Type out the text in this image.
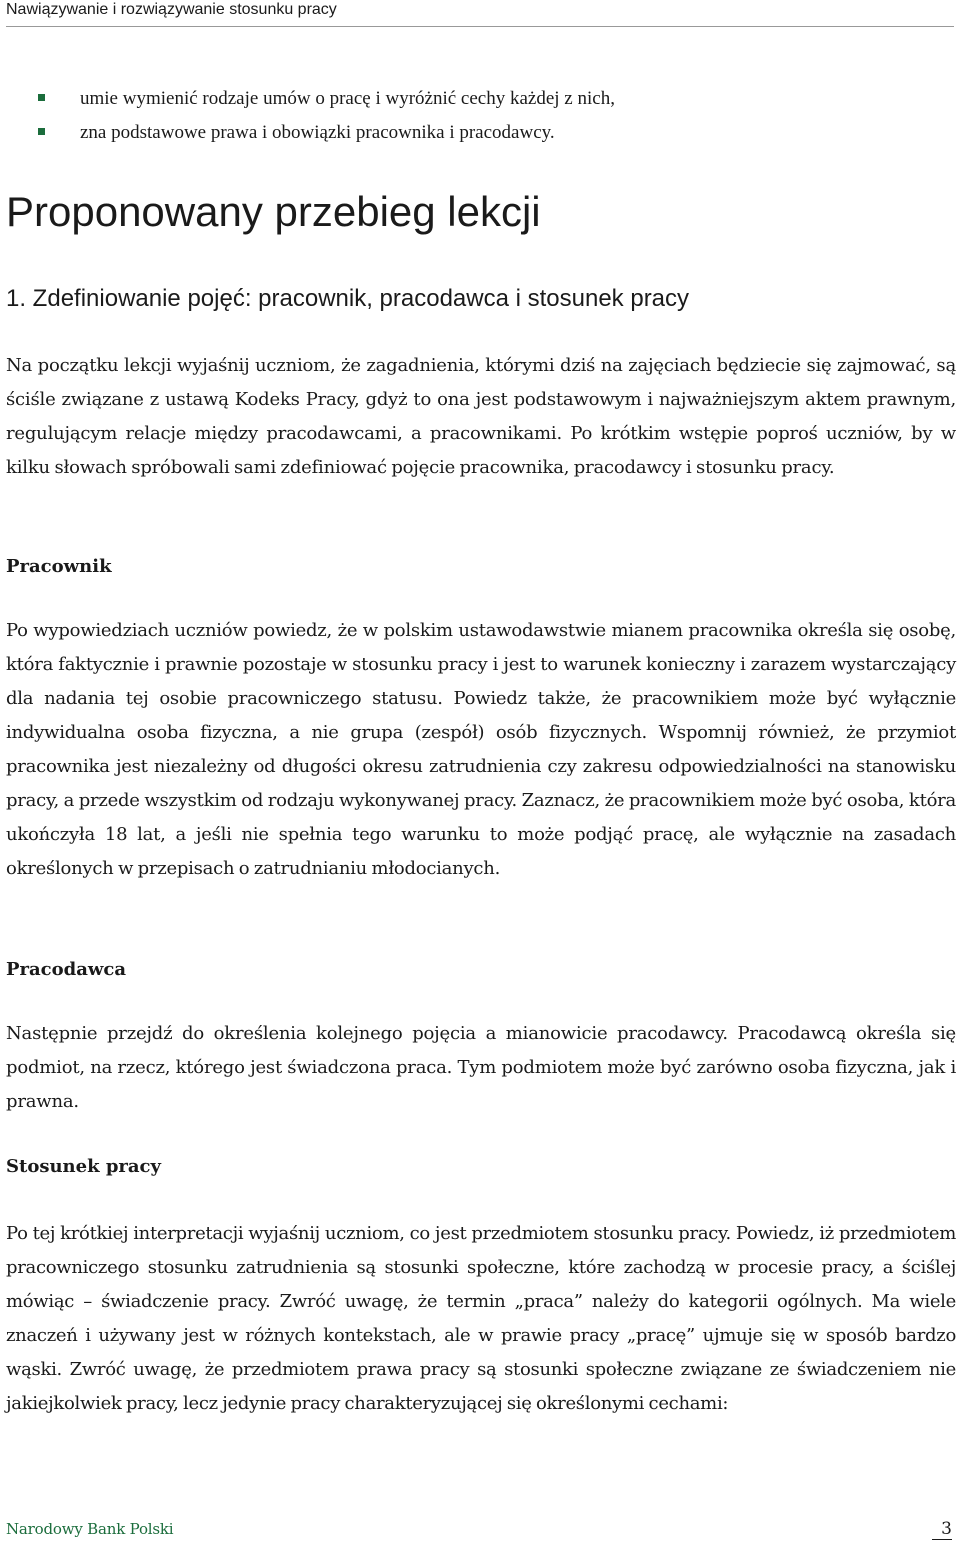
Nawiązywanie i rozwiązywanie stosunku pracy
umie wymienić rodzaje umów o pracę i wyróżnić cechy każdej z nich,
zna podstawowe prawa i obowiązki pracownika i pracodawcy.
Proponowany przebieg lekcji
1. Zdefiniowanie pojęć: pracownik, pracodawca i stosunek pracy

Na początku lekcji wyjaśnij uczniom, że zagadnienia, którymi dziś na zajęciach będziecie się zajmować, są ściśle związane z ustawą Kodeks Pracy, gdyż to ona jest podstawowym i najważniejszym aktem prawnym, regulującym relacje między pracodawcami, a pracownikami. Po krótkim wstępie poproś uczniów, by w kilku słowach spróbowali sami zdefiniować pojęcie pracownika, pracodawcy i stosunku pracy.

Pracownik

Po wypowiedziach uczniów powiedz, że w polskim ustawodawstwie mianem pracownika określa się osobę, która faktycznie i prawnie pozostaje w stosunku pracy i jest to warunek konieczny i zarazem wystarczający dla nadania tej osobie pracowniczego statusu. Powiedz także, że pracownikiem może być wyłącznie indywidualna osoba fizyczna, a nie grupa (zespół) osób fizycznych. Wspomnij również, że przymiot pracownika jest niezależny od długości okresu zatrudnienia czy zakresu odpowiedzialności na stanowisku pracy, a przede wszystkim od rodzaju wykonywanej pracy. Zaznacz, że pracownikiem może być osoba, która ukończyła 18 lat, a jeśli nie spełnia tego warunku to może podjąć pracę, ale wyłącznie na zasadach określonych w przepisach o zatrudnianiu młodocianych.

Pracodawca

Następnie przejdź do określenia kolejnego pojęcia a mianowicie pracodawcy. Pracodawcą określa się podmiot, na rzecz, którego jest świadczona praca. Tym podmiotem może być zarówno osoba fizyczna, jak i prawna.

Stosunek pracy

Po tej krótkiej interpretacji wyjaśnij uczniom, co jest przedmiotem stosunku pracy. Powiedz, iż przedmiotem pracowniczego stosunku zatrudnienia są stosunki społeczne, które zachodzą w procesie pracy, a ściślej mówiąc – świadczenie pracy. Zwróć uwagę, że termin „praca” należy do kategorii ogólnych. Ma wiele znaczeń i używany jest w różnych kontekstach, ale w prawie pracy „pracę” ujmuje się w sposób bardzo wąski. Zwróć uwagę, że przedmiotem prawa pracy są stosunki społeczne związane ze świadczeniem nie jakiejkolwiek pracy, lecz jedynie pracy charakteryzującej się określonymi cechami:

Narodowy Bank Polski	3
